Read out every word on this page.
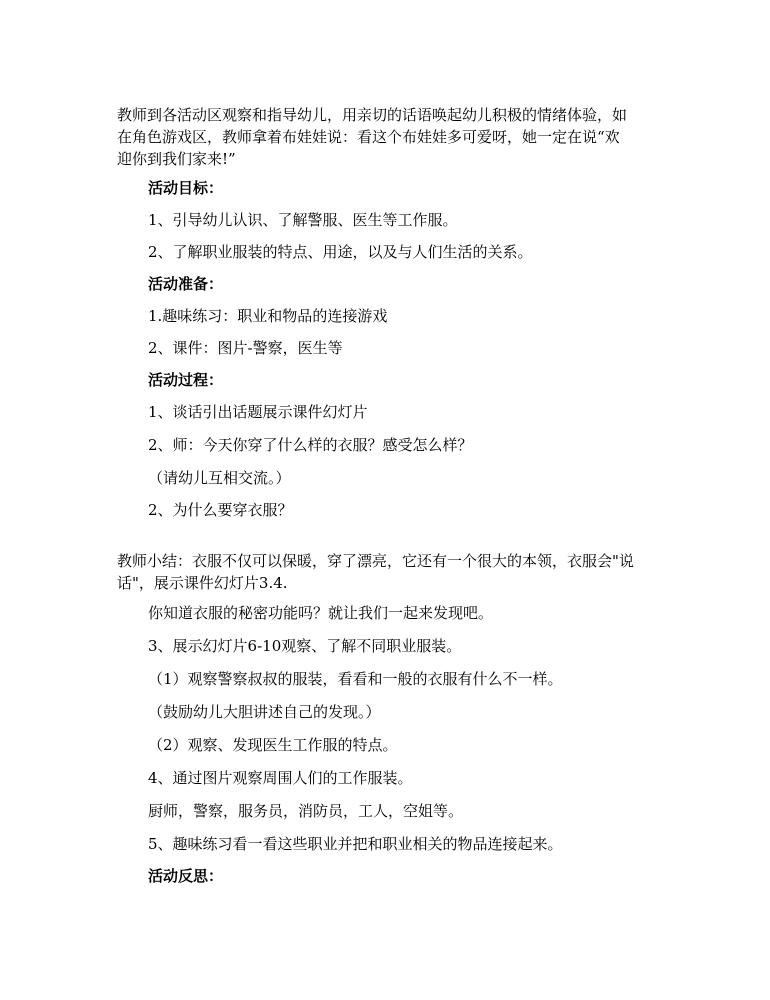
教师到各活动区观察和指导幼儿，用亲切的话语唤起幼儿积极的情绪体验，如
在角色游戏区，教师拿着布娃娃说：看这个布娃娃多可爱呀，她一定在说“欢
迎你到我们家来!”
活动目标：
1、引导幼儿认识、了解警服、医生等工作服。
2、了解职业服装的特点、用途，以及与人们生活的关系。
活动准备：
1.趣味练习：职业和物品的连接游戏
2、课件：图片-警察，医生等
活动过程：
1、谈话引出话题展示课件幻灯片
2、师：今天你穿了什么样的衣服？感受怎么样？
（请幼儿互相交流。）
2、为什么要穿衣服？
教师小结：衣服不仅可以保暖，穿了漂亮，它还有一个很大的本领，衣服会"说
话"，展示课件幻灯片3.4.
你知道衣服的秘密功能吗？就让我们一起来发现吧。
3、展示幻灯片6-10观察、了解不同职业服装。
（1）观察警察叔叔的服装，看看和一般的衣服有什么不一样。
（鼓励幼儿大胆讲述自己的发现。）
（2）观察、发现医生工作服的特点。
4、通过图片观察周围人们的工作服装。
厨师，警察，服务员，消防员，工人，空姐等。
5、趣味练习看一看这些职业并把和职业相关的物品连接起来。
活动反思：
